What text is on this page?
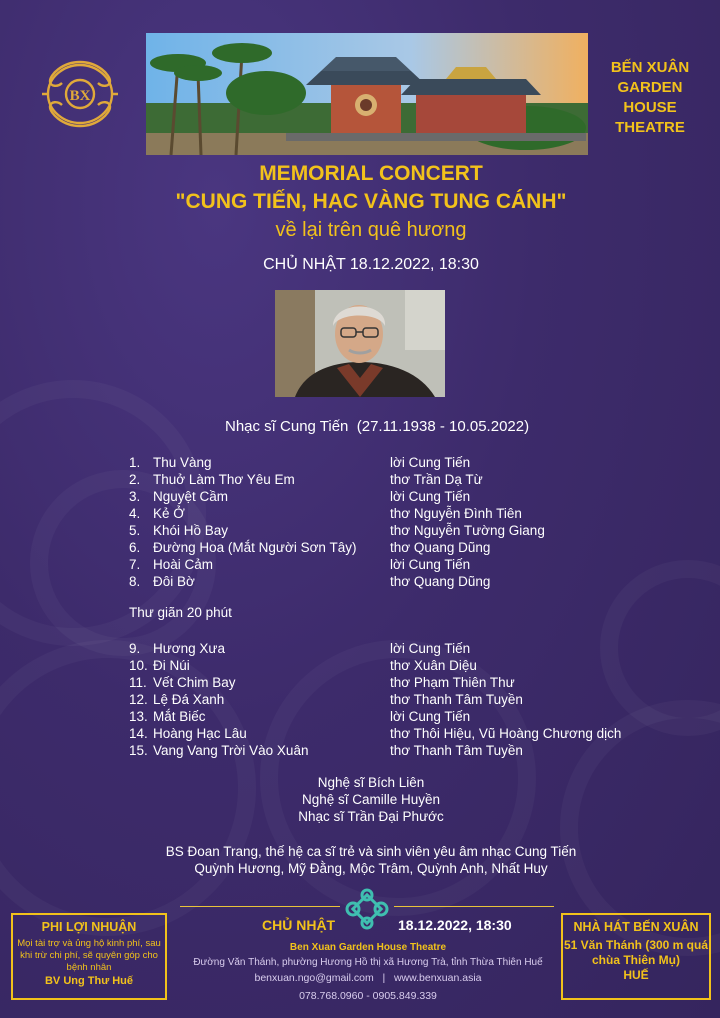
BX
BẾN XUÂN
GARDEN
HOUSE
THEATRE
MEMORIAL CONCERT
"CUNG TIẾN, HẠC VÀNG TUNG CÁNH"
về lại trên quê hương
CHỦ NHẬT 18.12.2022, 18:30
Nhạc sĩ Cung Tiến  (27.11.1938 - 10.05.2022)
1. Thu Vàng	lời Cung Tiến
2. Thuở Làm Thơ Yêu Em	thơ Trần Dạ Từ
3. Nguyệt Cầm	lời Cung Tiến
4. Kẻ Ở	thơ Nguyễn Đình Tiên
5. Khói Hồ Bay	thơ Nguyễn Tường Giang
6. Đường Hoa (Mắt Người Sơn Tây) thơ Quang Dũng
7. Hoài Cảm	lời Cung Tiến
8. Đôi Bờ	thơ Quang Dũng
Thư giãn 20 phút
9. Hương Xưa	lời Cung Tiến
10. Đi Núi	thơ Xuân Diệu
11. Vết Chim Bay	thơ Phạm Thiên Thư
12. Lệ Đá Xanh	thơ Thanh Tâm Tuyền
13. Mắt Biếc	lời Cung Tiến
14. Hoàng Hạc Lâu	thơ Thôi Hiệu, Vũ Hoàng Chương dịch
15. Vang Vang Trời Vào Xuân	thơ Thanh Tâm Tuyền
Nghệ sĩ Bích Liên
Nghệ sĩ Camille Huyền
Nhạc sĩ Trần Đại Phước
BS Đoan Trang, thế hệ ca sĩ trẻ và sinh viên yêu âm nhạc Cung Tiến
Quỳnh Hương, Mỹ Đằng, Mộc Trâm, Quỳnh Anh, Nhất Huy
CHỦ NHẬT	18.12.2022, 18:30
Ben Xuan Garden House Theatre
Đường Văn Thánh, phường Hương Hồ thị xã Hương Trà, tỉnh Thừa Thiên Huế
benxuan.ngo@gmail.com   |   www.benxuan.asia
078.768.0960 - 0905.849.339
PHI LỢI NHUẬN
Mọi tài trợ và ủng hộ kinh phí, sau khi trừ chi phí, sẽ quyên góp cho bệnh nhân
BV Ung Thư Huế
NHÀ HÁT BẾN XUÂN
51 Văn Thánh (300 m quá chùa Thiên Mụ)
HUẾ
